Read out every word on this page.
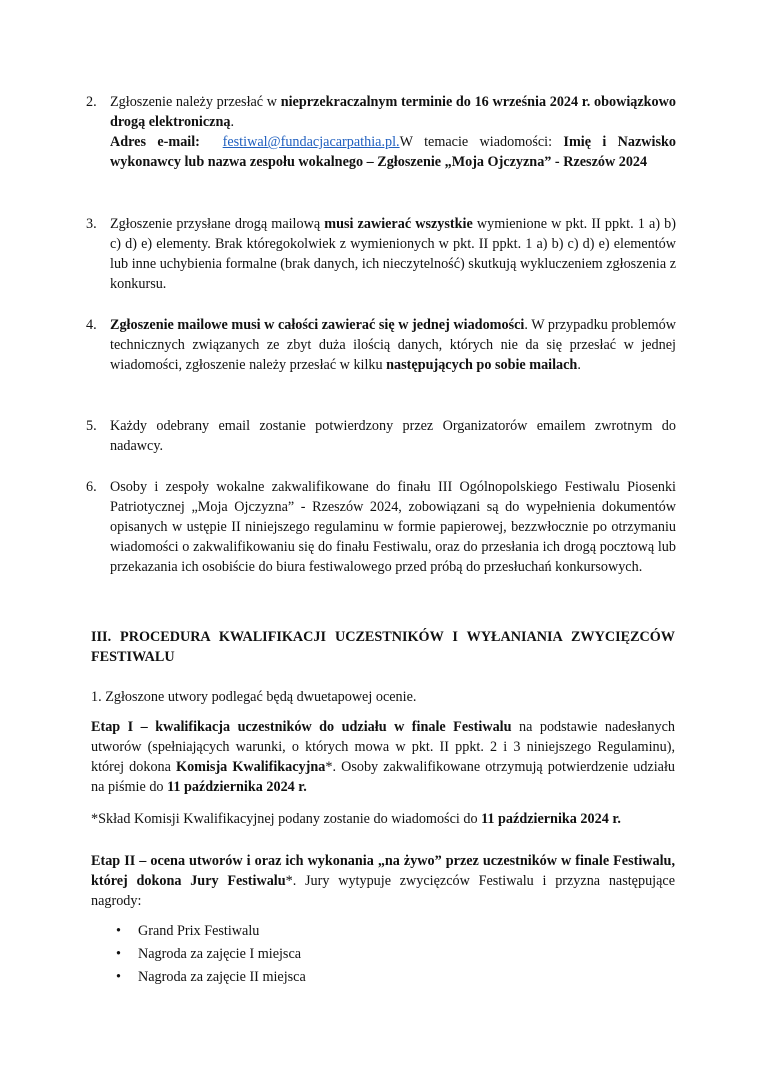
2. Zgłoszenie należy przesłać w nieprzekraczalnym terminie do 16 września 2024 r. obowiązkowo drogą elektroniczną.
Adres e-mail: festiwal@fundacjacarpathia.pl.W temacie wiadomości: Imię i Nazwisko wykonawcy lub nazwa zespołu wokalnego – Zgłoszenie „Moja Ojczyzna” - Rzeszów 2024
3. Zgłoszenie przysłane drogą mailową musi zawierać wszystkie wymienione w pkt. II ppkt. 1 a) b) c) d) e) elementy. Brak któregokolwiek z wymienionych w pkt. II ppkt. 1 a) b) c) d) e) elementów lub inne uchybienia formalne (brak danych, ich nieczytelność) skutkują wykluczeniem zgłoszenia z konkursu.
4. Zgłoszenie mailowe musi w całości zawierać się w jednej wiadomości. W przypadku problemów technicznych związanych ze zbyt duża ilością danych, których nie da się przesłać w jednej wiadomości, zgłoszenie należy przesłać w kilku następujących po sobie mailach.
5. Każdy odebrany email zostanie potwierdzony przez Organizatorów emailem zwrotnym do nadawcy.
6. Osoby i zespoły wokalne zakwalifikowane do finału III Ogólnopolskiego Festiwalu Piosenki Patriotycznej „Moja Ojczyzna” - Rzeszów 2024, zobowiązani są do wypełnienia dokumentów opisanych w ustępie II niniejszego regulaminu w formie papierowej, bezzwłocznie po otrzymaniu wiadomości o zakwalifikowaniu się do finału Festiwalu, oraz do przesłania ich drogą pocztową lub przekazania ich osobiście do biura festiwalowego przed próbą do przesłuchań konkursowych.
III. PROCEDURA KWALIFIKACJI UCZESTNIKÓW I WYŁANIANIA ZWYCIĘZCÓW FESTIWALU
1. Zgłoszone utwory podlegać będą dwuetapowej ocenie.
Etap I – kwalifikacja uczestników do udziału w finale Festiwalu na podstawie nadesłanych utworów (spełniających warunki, o których mowa w pkt. II ppkt. 2 i 3 niniejszego Regulaminu), której dokona Komisja Kwalifikacyjna*. Osoby zakwalifikowane otrzymują potwierdzenie udziału na piśmie do 11 października 2024 r.
*Skład Komisji Kwalifikacyjnej podany zostanie do wiadomości do 11 października 2024 r.
Etap II – ocena utworów i oraz ich wykonania „na żywo” przez uczestników w finale Festiwalu, której dokona Jury Festiwalu*. Jury wytypuje zwycięzców Festiwalu i przyzna następujące nagrody:
• Grand Prix Festiwalu
• Nagroda za zajęcie I miejsca
• Nagroda za zajęcie II miejsca
